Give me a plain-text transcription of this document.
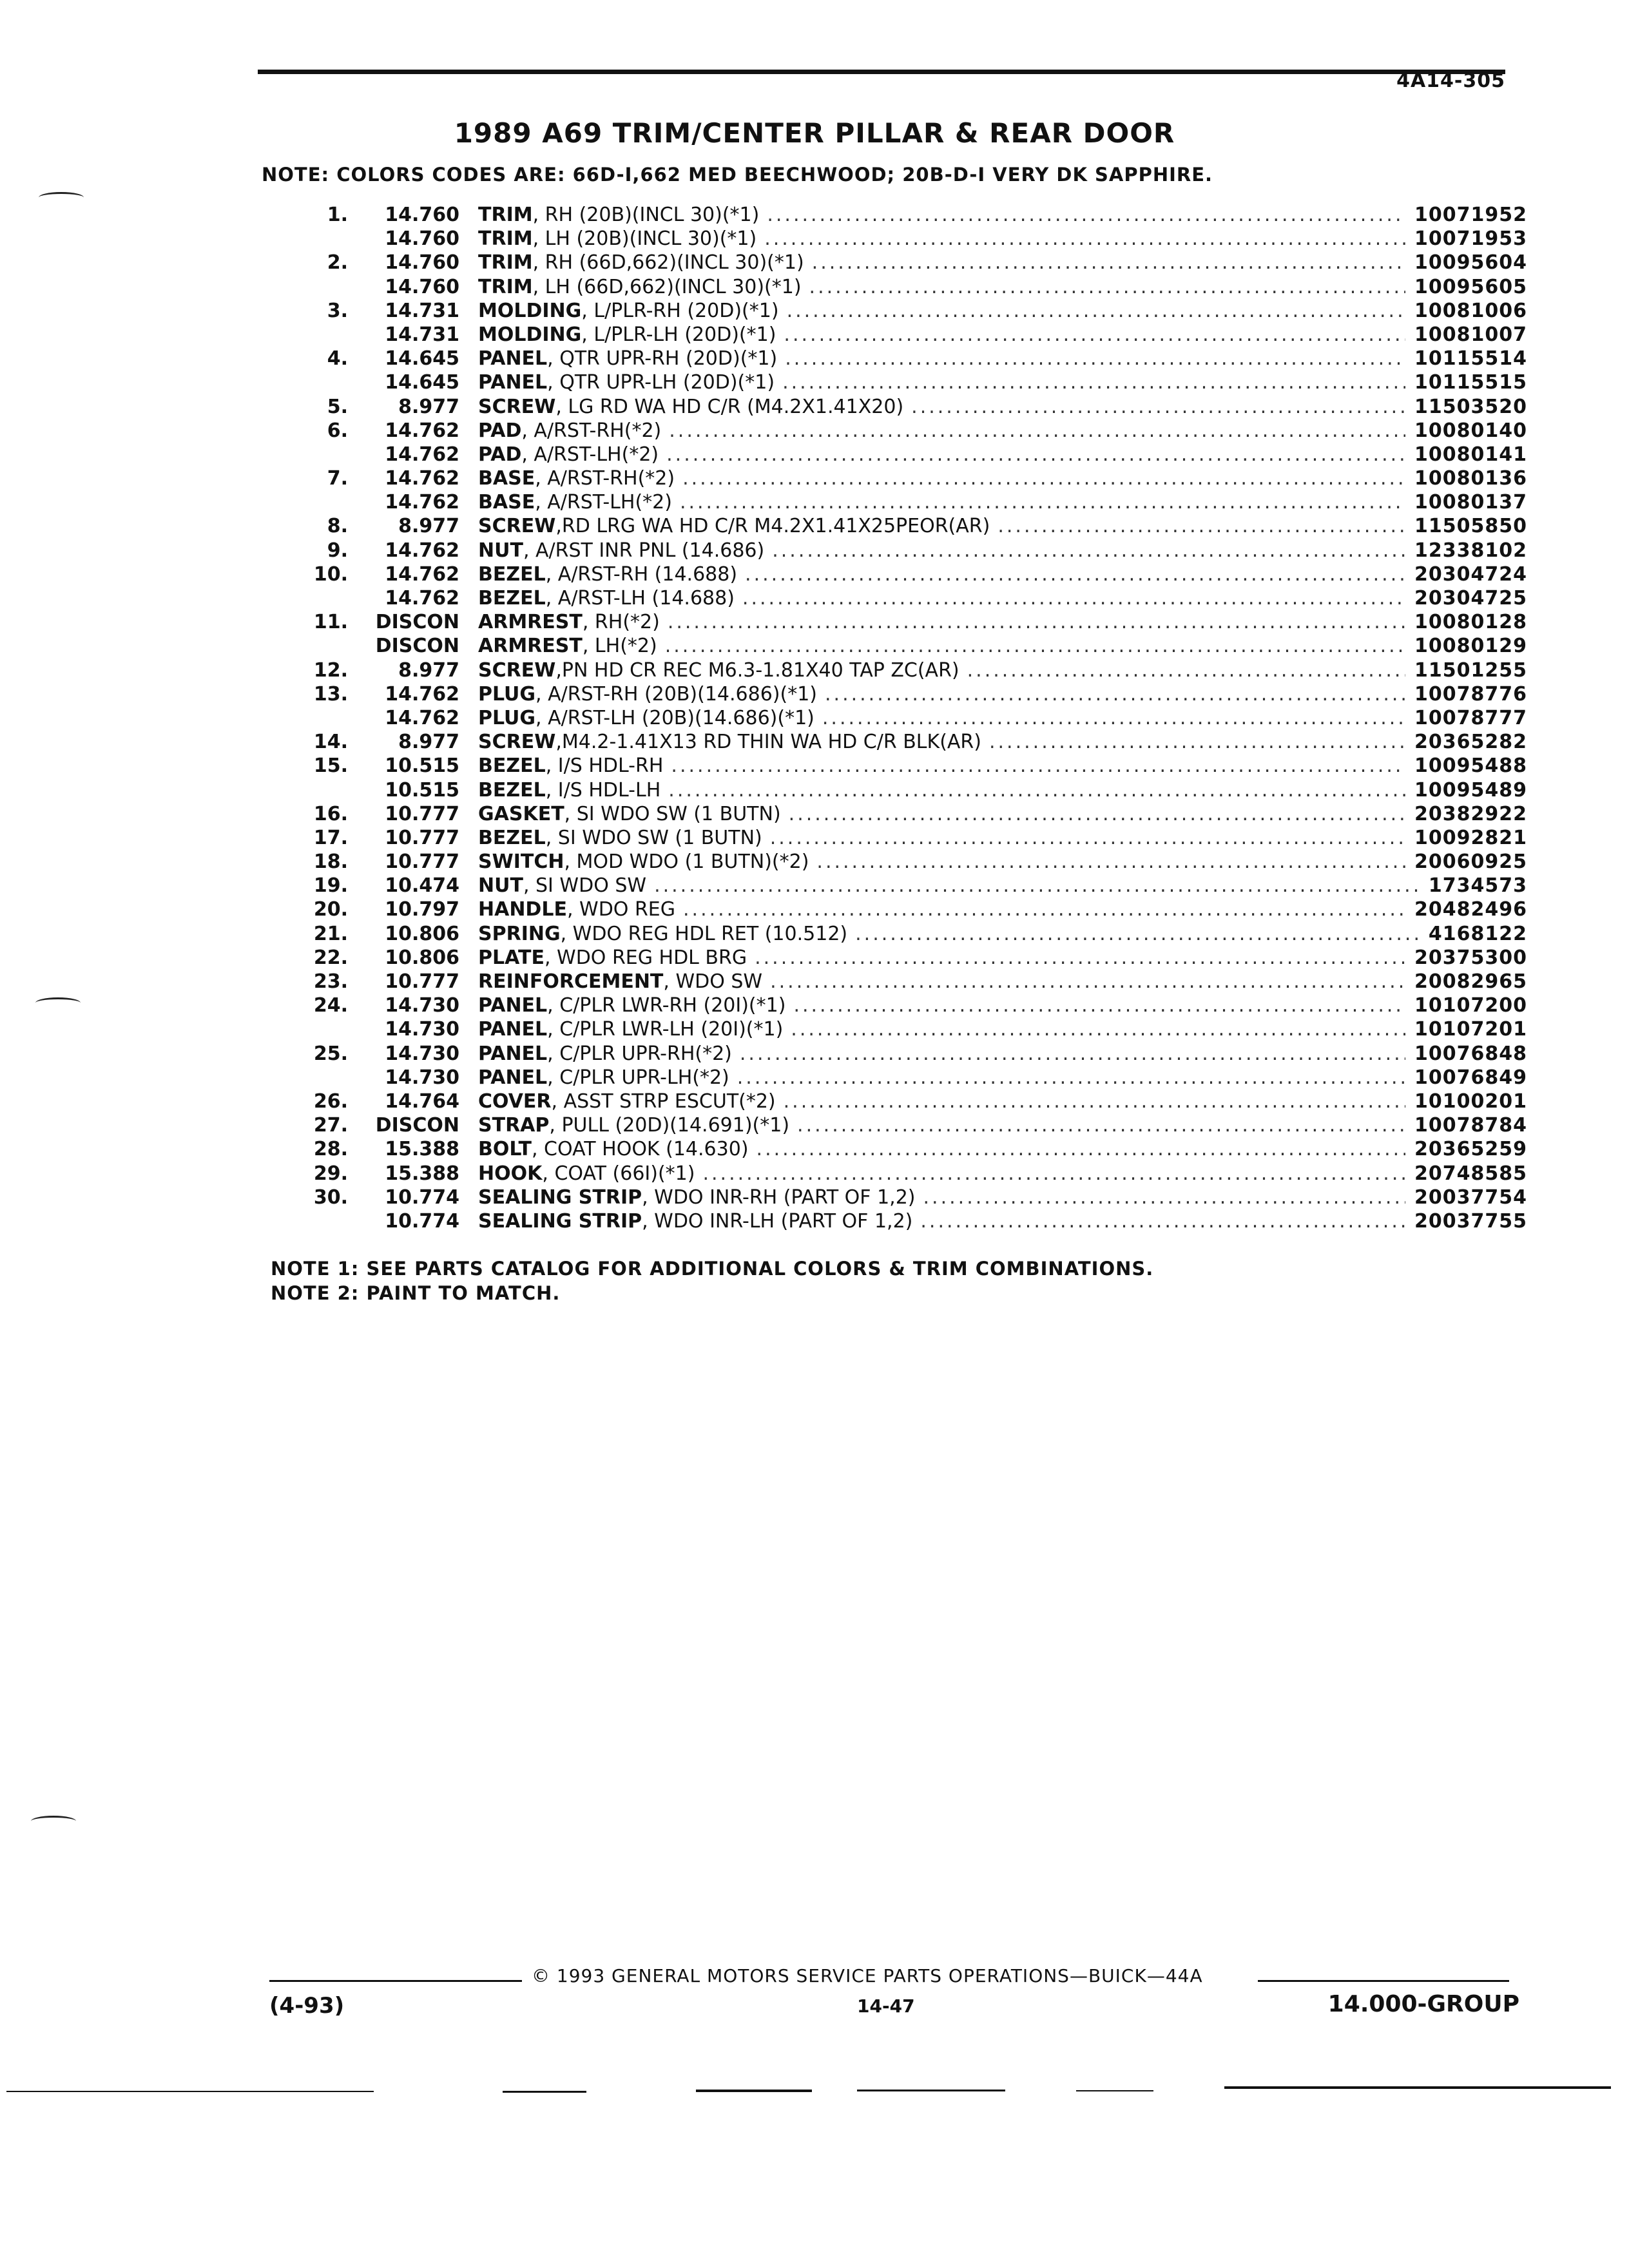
4A14-305
1989 A69 TRIM/CENTER PILLAR & REAR DOOR
NOTE: COLORS CODES ARE: 66D-I,662 MED BEECHWOOD; 20B-D-I VERY DK SAPPHIRE.
1.	14.760 TRIM , RH (20B)(INCL 30)(*1) .....	10071952
14.760 TRIM , LH (20B)(INCL 30)(*1) .....	10071953
2.	14.760 TRIM , RH (66D,662)(INCL 30)(*1) .....	10095604
14.760 TRIM , LH (66D,662)(INCL 30)(*1) .....	10095605
3.	14.731 MOLDING , L/PLR-RH (20D)(*1) .....	10081006
14.731 MOLDING , L/PLR-LH (20D)(*1) .....	10081007
4.	14.645 PANEL , QTR UPR-RH (20D)(*1) .....	10115514
14.645 PANEL , QTR UPR-LH (20D)(*1) .....	10115515
5.	8.977 SCREW , LG RD WA HD C/R (M4.2X1.41X20) .....	11503520
6.	14.762 PAD , A/RST-RH(*2) .....	10080140
14.762 PAD , A/RST-LH(*2) .....	10080141
7.	14.762 BASE , A/RST-RH(*2) .....	10080136
14.762 BASE , A/RST-LH(*2) .....	10080137
8.	8.977 SCREW ,RD LRG WA HD C/R M4.2X1.41X25PEOR(AR) .....	11505850
9.	14.762 NUT , A/RST INR PNL (14.686) .....	12338102
10.	14.762 BEZEL , A/RST-RH (14.688) .....	20304724
14.762 BEZEL , A/RST-LH (14.688) .....	20304725
11.	DISCON ARMREST , RH(*2) .....	10080128
DISCON ARMREST , LH(*2) .....	10080129
12.	8.977 SCREW ,PN HD CR REC M6.3-1.81X40 TAP ZC(AR) .....	11501255
13.	14.762 PLUG , A/RST-RH (20B)(14.686)(*1) .....	10078776
14.762 PLUG , A/RST-LH (20B)(14.686)(*1) .....	10078777
14.	8.977 SCREW ,M4.2-1.41X13 RD THIN WA HD C/R BLK(AR) .....	20365282
15.	10.515 BEZEL , I/S HDL-RH .....	10095488
10.515 BEZEL , I/S HDL-LH .....	10095489
16.	10.777 GASKET , SI WDO SW (1 BUTN) .....	20382922
17.	10.777 BEZEL , SI WDO SW (1 BUTN) .....	10092821
18.	10.777 SWITCH , MOD WDO (1 BUTN)(*2) .....	20060925
19.	10.474 NUT , SI WDO SW .....	1734573
20.	10.797 HANDLE , WDO REG .....	20482496
21.	10.806 SPRING , WDO REG HDL RET (10.512) .....	4168122
22.	10.806 PLATE , WDO REG HDL BRG .....	20375300
23.	10.777 REINFORCEMENT , WDO SW .....	20082965
24.	14.730 PANEL , C/PLR LWR-RH (20I)(*1) .....	10107200
14.730 PANEL , C/PLR LWR-LH (20I)(*1) .....	10107201
25.	14.730 PANEL , C/PLR UPR-RH(*2) .....	10076848
14.730 PANEL , C/PLR UPR-LH(*2) .....	10076849
26.	14.764 COVER , ASST STRP ESCUT(*2) .....	10100201
27.	DISCON STRAP , PULL (20D)(14.691)(*1) .....	10078784
28.	15.388 BOLT , COAT HOOK (14.630) .....	20365259
29.	15.388 HOOK , COAT (66I)(*1) .....	20748585
30.	10.774 SEALING STRIP , WDO INR-RH (PART OF 1,2) .....	20037754
10.774 SEALING STRIP , WDO INR-LH (PART OF 1,2) .....	20037755
NOTE 1: SEE PARTS CATALOG FOR ADDITIONAL COLORS & TRIM COMBINATIONS.
NOTE 2: PAINT TO MATCH.
© 1993 GENERAL MOTORS SERVICE PARTS OPERATIONS—BUICK—44A
(4-93)	14-47	14.000-GROUP
